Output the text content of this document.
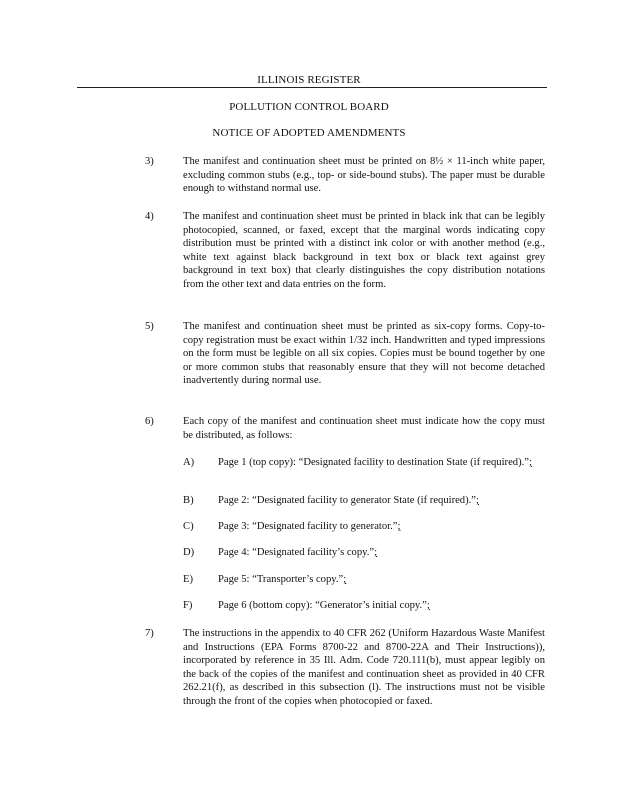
ILLINOIS REGISTER
POLLUTION CONTROL BOARD
NOTICE OF ADOPTED AMENDMENTS
3)	The manifest and continuation sheet must be printed on 8½ × 11-inch white paper, excluding common stubs (e.g., top- or side-bound stubs). The paper must be durable enough to withstand normal use.
4)	The manifest and continuation sheet must be printed in black ink that can be legibly photocopied, scanned, or faxed, except that the marginal words indicating copy distribution must be printed with a distinct ink color or with another method (e.g., white text against black background in text box or black text against grey background in text box) that clearly distinguishes the copy distribution notations from the other text and data entries on the form.
5)	The manifest and continuation sheet must be printed as six-copy forms. Copy-to-copy registration must be exact within 1/32 inch. Handwritten and typed impressions on the form must be legible on all six copies. Copies must be bound together by one or more common stubs that reasonably ensure that they will not become detached inadvertently during normal use.
6)	Each copy of the manifest and continuation sheet must indicate how the copy must be distributed, as follows:
A) Page 1 (top copy): “Designated facility to destination State (if required).”;
B) Page 2: “Designated facility to generator State (if required).”;
C) Page 3: “Designated facility to generator.”;
D) Page 4: “Designated facility’s copy.”;
E) Page 5: “Transporter’s copy.”;
F) Page 6 (bottom copy): “Generator’s initial copy.”;
7)	The instructions in the appendix to 40 CFR 262 (Uniform Hazardous Waste Manifest and Instructions (EPA Forms 8700-22 and 8700-22A and Their Instructions)), incorporated by reference in 35 Ill. Adm. Code 720.111(b), must appear legibly on the back of the copies of the manifest and continuation sheet as provided in 40 CFR 262.21(f), as described in this subsection (l). The instructions must not be visible through the front of the copies when photocopied or faxed.
